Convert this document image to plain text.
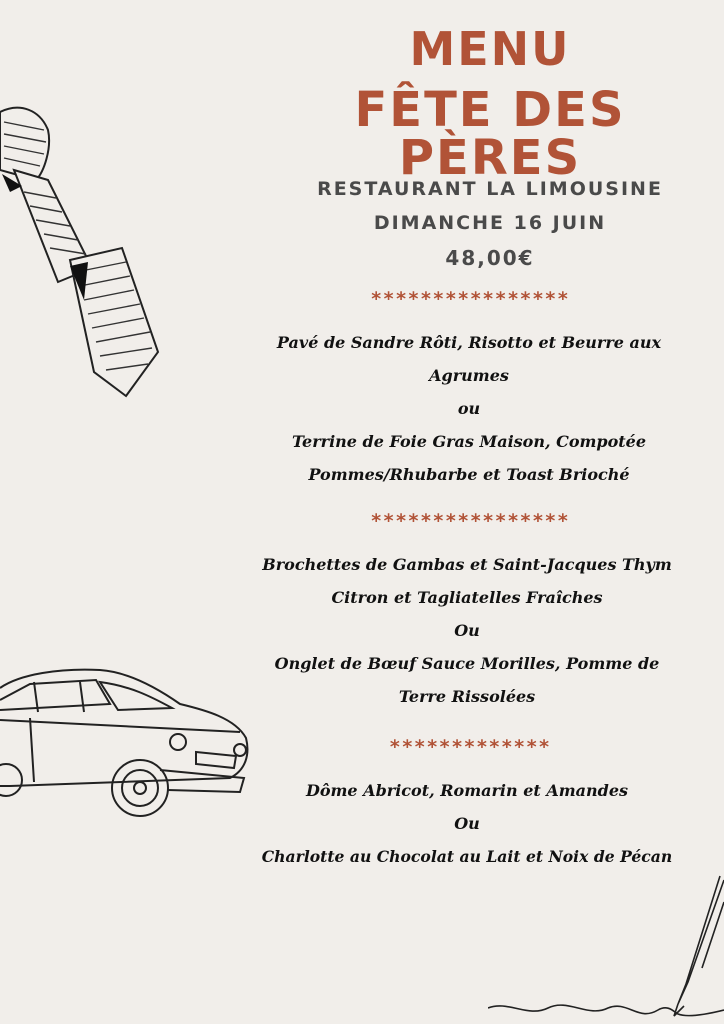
MENU
FÊTE DES PÈRES

RESTAURANT LA LIMOUSINE

DIMANCHE 16 JUIN

48,00€

****************

Pavé de Sandre Rôti, Risotto et Beurre aux

Agrumes

ou

Terrine de Foie Gras Maison, Compotée

Pommes/Rhubarbe et Toast Brioché

****************

Brochettes de Gambas et Saint-Jacques Thym

Citron et Tagliatelles Fraîches

Ou

Onglet de Bœuf Sauce Morilles, Pomme de

Terre Rissolées

*************

Dôme Abricot, Romarin et Amandes

Ou

Charlotte au Chocolat au Lait et Noix de Pécan
